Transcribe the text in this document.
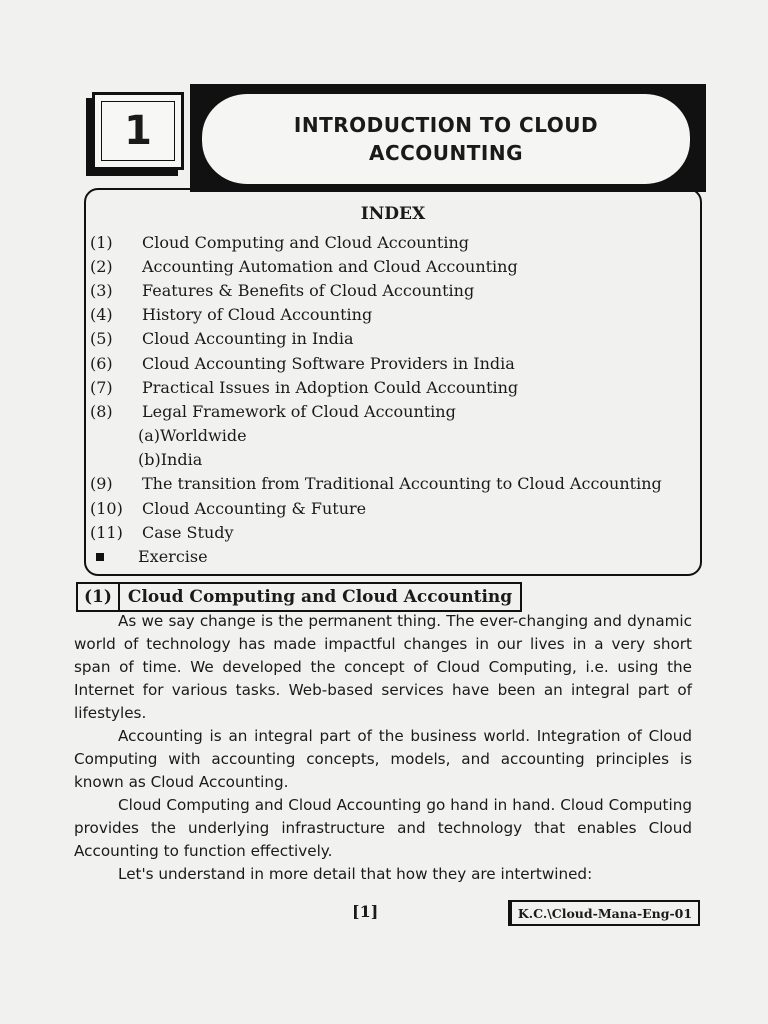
1	INTRODUCTION TO CLOUD
ACCOUNTING
INDEX
(1)	Cloud Computing and Cloud Accounting
(2)	Accounting Automation and Cloud Accounting
(3)	Features & Benefits of Cloud Accounting
(4)	History of Cloud Accounting
(5)	Cloud Accounting in India
(6)	Cloud Accounting Software Providers in India
(7)	Practical Issues in Adoption Could Accounting
(8)	Legal Framework of Cloud Accounting
(a)Worldwide
(b)India
(9)	The transition from Traditional Accounting to Cloud Accounting
(10)	Cloud Accounting & Future
(11)	Case Study
Exercise
(1) Cloud Computing and Cloud Accounting

As we say change is the permanent thing. The ever-changing and dynamic world of technology has made impactful changes in our lives in a very short span of time. We developed the concept of Cloud Computing, i.e. using the Internet for various tasks. Web-based services have been an integral part of lifestyles.

Accounting is an integral part of the business world. Integration of Cloud Computing with accounting concepts, models, and accounting principles is known as Cloud Accounting.

Cloud Computing and Cloud Accounting go hand in hand. Cloud Computing provides the underlying infrastructure and technology that enables Cloud Accounting to function effectively.

Let's understand in more detail that how they are intertwined:

[1]	K.C.\Cloud-Mana-Eng-01
